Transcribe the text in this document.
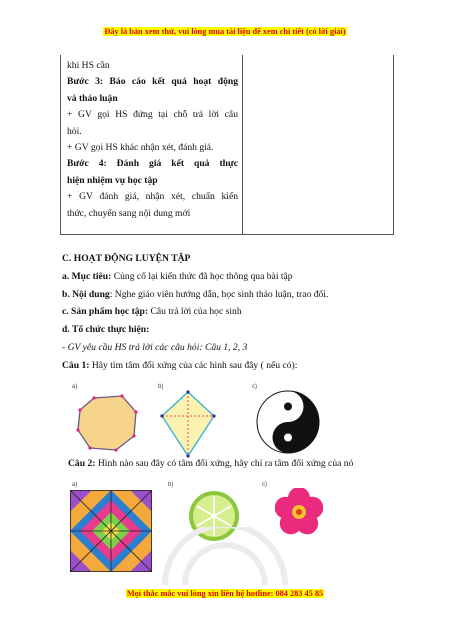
Đây là bản xem thử, vui lòng mua tài liệu để xem chi tiết (có lời giải)

khi HS cần

Bước 3: Báo cáo kết quả hoạt động

và thảo luận

+ GV gọi HS đứng tại chỗ trả lời câu

hỏi.

+ GV gọi HS khác nhận xét, đánh giá.

Bước 4: Đánh giá kết quả thực

hiện nhiệm vụ học tập

+ GV đánh giá, nhận xét, chuẩn kiến

thức, chuyển sang nội dung mới

C. HOẠT ĐỘNG LUYỆN TẬP

a. Mục tiêu: Củng cố lại kiến thức đã học thông qua bài tập

b. Nội dung: Nghe giáo viên hướng dẫn, học sinh thảo luận, trao đổi.

c. Sản phẩm học tập: Câu trả lời của học sinh

d. Tổ chức thực hiện:

- GV yêu cầu HS trả lời các câu hỏi: Câu 1, 2, 3

Câu 1: Hãy tìm tâm đối xứng của các hình sau đây ( nếu có):

a)	b)	c)
Câu 2: Hình nào sau đây có tâm đối xứng, hãy chỉ ra tâm đối xứng của nó
a)	b)	c)
Mọi thắc mắc vui lòng xin liên hệ hotline: 084 283 45 85
